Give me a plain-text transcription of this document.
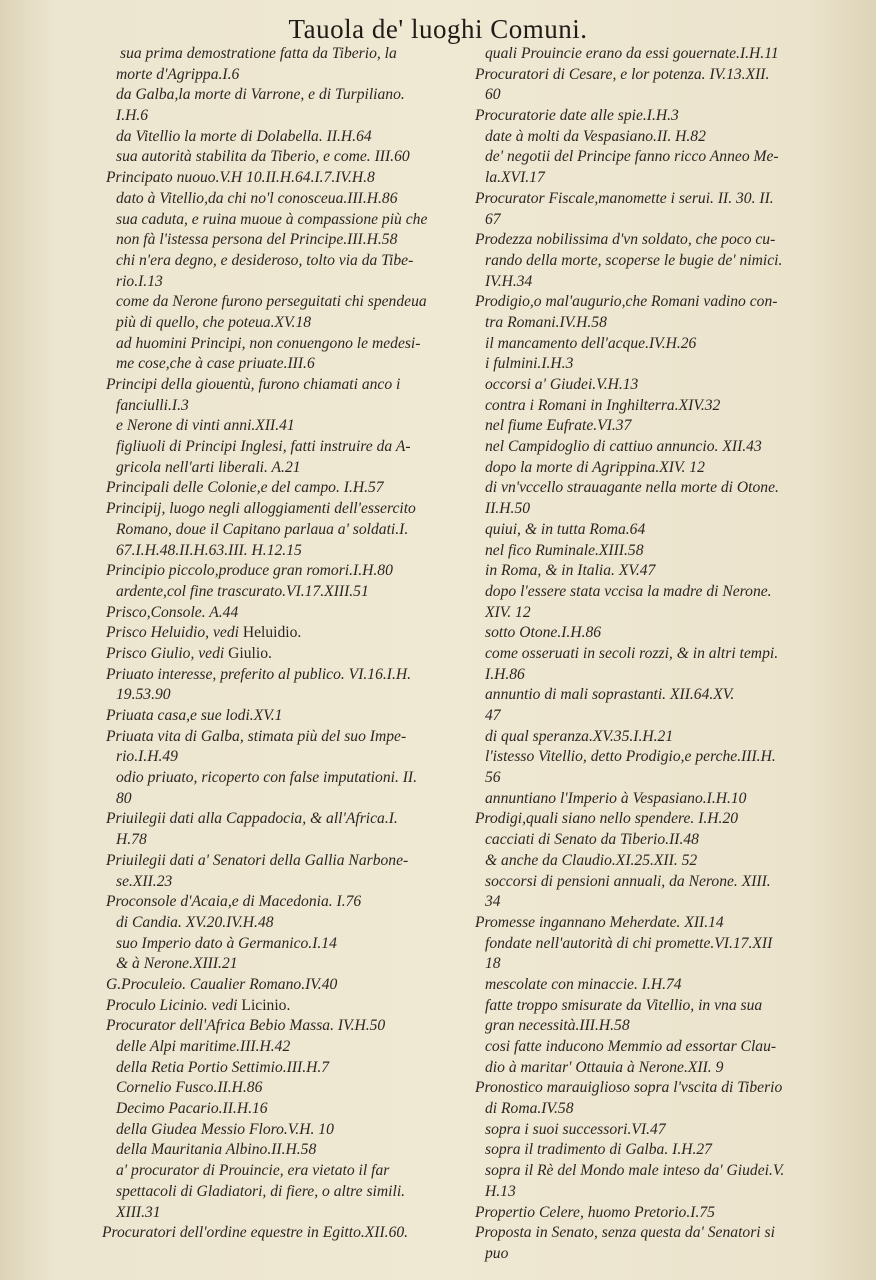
Tauola de' luoghi Comuni.
sua prima demostratione fatta da Tiberio, la
morte d'Agrippa.I.6
da Galba,la morte di Varrone, e di Turpiliano.
I.H.6
da Vitellio la morte di Dolabella. II.H.64
sua autorità stabilita da Tiberio, e come. III.60
Principato nuouo.V.H 10.II.H.64.I.7.IV.H.8
dato à Vitellio,da chi no'l conosceua.III.H.86
sua caduta, e ruina muoue à compassione più che
non fà l'istessa persona del Principe.III.H.58
chi n'era degno, e desideroso, tolto via da Tibe-
rio.I.13
come da Nerone furono perseguitati chi spendeua
più di quello, che poteua.XV.18
ad huomini Principi, non conuengono le medesi-
me cose,che à case priuate.III.6
Principi della giouentù, furono chiamati anco i
fanciulli.I.3
e Nerone di vinti anni.XII.41
figliuoli di Principi Inglesi, fatti instruire da A-
gricola nell'arti liberali. A.21
Principali delle Colonie,e del campo. I.H.57
Principij, luogo negli alloggiamenti dell'essercito
Romano, doue il Capitano parlaua a' soldati.I.
67.I.H.48.II.H.63.III. H.12.15
Principio piccolo,produce gran romori.I.H.80
ardente,col fine trascurato.VI.17.XIII.51
Prisco,Console. A.44
Prisco Heluidio, vedi Heluidio.
Prisco Giulio, vedi Giulio.
Priuato interesse, preferito al publico. VI.16.I.H.
19.53.90
Priuata casa,e sue lodi.XV.1
Priuata vita di Galba, stimata più del suo Impe-
rio.I.H.49
odio priuato, ricoperto con false imputationi. II.
80
Priuilegii dati alla Cappadocia, & all'Africa.I.
H.78
Priuilegii dati a' Senatori della Gallia Narbone-
se.XII.23
Proconsole d'Acaia,e di Macedonia. I.76
di Candia. XV.20.IV.H.48
suo Imperio dato à Germanico.I.14
& à Nerone.XIII.21
G.Proculeio. Caualier Romano.IV.40
Proculo Licinio. vedi Licinio.
Procurator dell'Africa Bebio Massa. IV.H.50
delle Alpi maritime.III.H.42
della Retia Portio Settimio.III.H.7
Cornelio Fusco.II.H.86
Decimo Pacario.II.H.16
della Giudea Messio Floro.V.H. 10
della Mauritania Albino.II.H.58
a' procurator di Prouincie, era vietato il far
spettacoli di Gladiatori, di fiere, o altre simili.
XIII.31
Procuratori dell'ordine equestre in Egitto.XII.60.
quali Prouincie erano da essi gouernate.I.H.11
Procuratori di Cesare, e lor potenza. IV.13.XII.
60
Procuratorie date alle spie.I.H.3
date à molti da Vespasiano.II. H.82
de' negotii del Principe fanno ricco Anneo Me-
la.XVI.17
Procurator Fiscale,manomette i serui. II. 30. II.
67
Prodezza nobilissima d'vn soldato, che poco cu-
rando della morte, scoperse le bugie de' nimici.
IV.H.34
Prodigio,o mal'augurio,che Romani vadino con-
tra Romani.IV.H.58
il mancamento dell'acque.IV.H.26
i fulmini.I.H.3
occorsi a' Giudei.V.H.13
contra i Romani in Inghilterra.XIV.32
nel fiume Eufrate.VI.37
nel Campidoglio di cattiuo annuncio. XII.43
dopo la morte di Agrippina.XIV. 12
di vn'vccello strauagante nella morte di Otone.
II.H.50
quiui, & in tutta Roma.64
nel fico Ruminale.XIII.58
in Roma, & in Italia. XV.47
dopo l'essere stata vccisa la madre di Nerone.
XIV. 12
sotto Otone.I.H.86
come osseruati in secoli rozzi, & in altri tempi.
I.H.86
annuntio di mali soprastanti. XII.64.XV.
47
di qual speranza.XV.35.I.H.21
l'istesso Vitellio, detto Prodigio,e perche.III.H.
56
annuntiano l'Imperio à Vespasiano.I.H.10
Prodigi,quali siano nello spendere. I.H.20
cacciati di Senato da Tiberio.II.48
& anche da Claudio.XI.25.XII. 52
soccorsi di pensioni annuali, da Nerone. XIII.
34
Promesse ingannano Meherdate. XII.14
fondate nell'autorità di chi promette.VI.17.XII
18
mescolate con minaccie. I.H.74
fatte troppo smisurate da Vitellio, in vna sua
gran necessità.III.H.58
cosi fatte inducono Memmio ad essortar Clau-
dio à maritar' Ottauia à Nerone.XII. 9
Pronostico marauiglioso sopra l'vscita di Tiberio
di Roma.IV.58
sopra i suoi successori.VI.47
sopra il tradimento di Galba. I.H.27
sopra il Rè del Mondo male inteso da' Giudei.V.
H.13
Propertio Celere, huomo Pretorio.I.75
Proposta in Senato, senza questa da' Senatori si
puo
